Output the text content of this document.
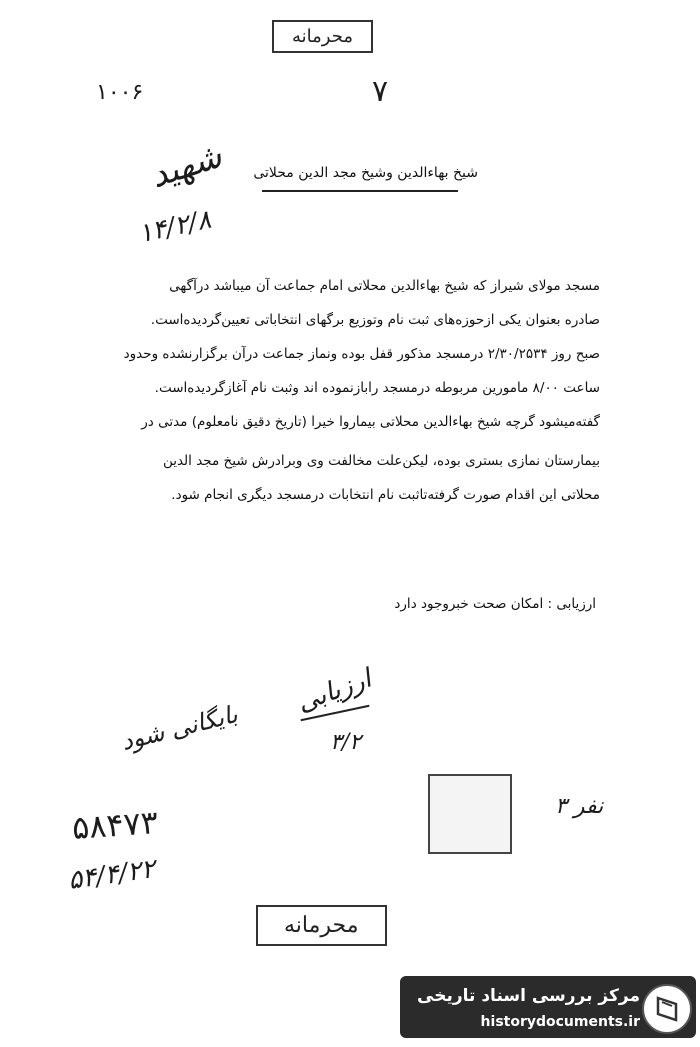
محرمانه
۱۰۰۶	۷
شیخ بهاءالدین وشیخ مجد الدین محلاتی
شهید
۱۴/۲/۸
مسجد مولای شیراز که شیخ بهاءالدین محلاتی امام جماعت آن میباشد درآگهی
صادره بعنوان یکی ازحوزه‌های ثبت نام وتوزیع برگهای انتخاباتی تعیین‌گردیده‌است.
صبح روز ۲/۳۰/۲۵۳۴ درمسجد مذکور قفل بوده ونماز جماعت درآن برگزارنشده وحدود
ساعت ۸/۰۰ مامورین مربوطه درمسجد رابازنموده اند وثبت نام آغازگردیده‌است.
گفته‌میشود گرچه شیخ بهاءالدین محلاتی بیماروا خیرا (تاریخ دقیق نامعلوم) مدتی در
بیمارستان نمازی بستری بوده، لیکن‌علت مخالفت وی وبرادرش شیخ مجد الدین
محلاتی این اقدام صورت گرفته‌تاثبت نام انتخابات درمسجد دیگری انجام شود.
ارزیابی : امکان صحت خبروجود دارد
ارزیابی
۳/۲
بایگانی شود
۵۸۴۷۳
۵۴/۴/۲۲
نفر ۳
محرمانه
مرکز بررسی اسناد تاریخی
historydocuments.ir
